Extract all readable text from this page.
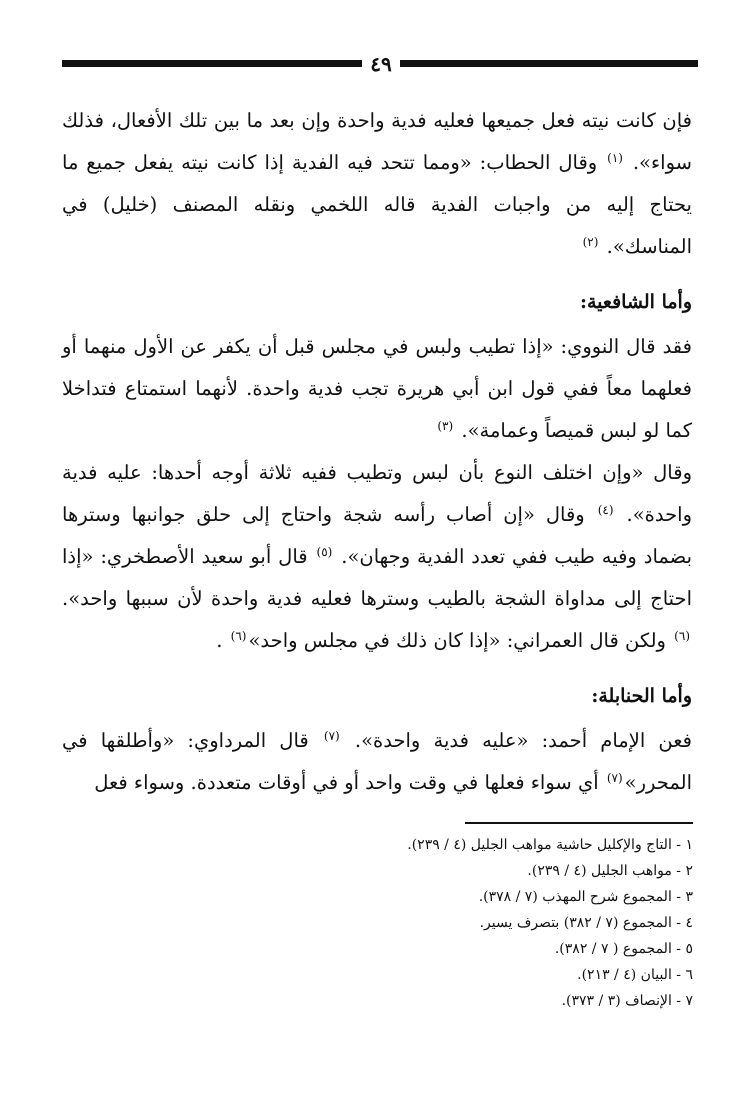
٤٩

فإن كانت نيته فعل جميعها فعليه فدية واحدة وإن بعد ما بين تلك الأفعال، فذلك سواء». $^{(١)}$ وقال الحطاب: «ومما تتحد فيه الفدية إذا كانت نيته يفعل جميع ما يحتاج إليه من واجبات الفدية قاله اللخمي ونقله المصنف (خليل) في المناسك». $^{(٢)}$

وأما الشافعية:

فقد قال النووي: «إذا تطيب ولبس في مجلس قبل أن يكفر عن الأول منهما أو فعلهما معاً ففي قول ابن أبي هريرة تجب فدية واحدة. لأنهما استمتاع فتداخلا كما لو لبس قميصاً وعمامة». $^{(٣)}$

وقال «وإن اختلف النوع بأن لبس وتطيب ففيه ثلاثة أوجه أحدها: عليه فدية واحدة». $^{(٤)}$ وقال «إن أصاب رأسه شجة واحتاج إلى حلق جوانبها وسترها بضماد وفيه طيب ففي تعدد الفدية وجهان». $^{(٥)}$ قال أبو سعيد الأصطخري: «إذا احتاج إلى مداواة الشجة بالطيب وسترها فعليه فدية واحدة لأن سببها واحد». $^{(٦)}$ ولكن قال العمراني: «إذا كان ذلك في مجلس واحد»$^{(٦)}$ .

وأما الحنابلة:

فعن الإمام أحمد: «عليه فدية واحدة». $^{(٧)}$ قال المرداوي: «وأطلقها في المحرر»$^{(٧)}$ أي سواء فعلها في وقت واحد أو في أوقات متعددة. وسواء فعل

١ - التاج والإكليل حاشية مواهب الجليل (٤ / ٢٣٩).

٢ - مواهب الجليل (٤ / ٢٣٩).

٣ - المجموع شرح المهذب (٧ / ٣٧٨).

٤ - المجموع (٧ / ٣٨٢) بتصرف يسير.

٥ - المجموع ( ٧ / ٣٨٢).

٦ - البيان (٤ / ٢١٣).

٧ - الإنصاف (٣ / ٣٧٣).
